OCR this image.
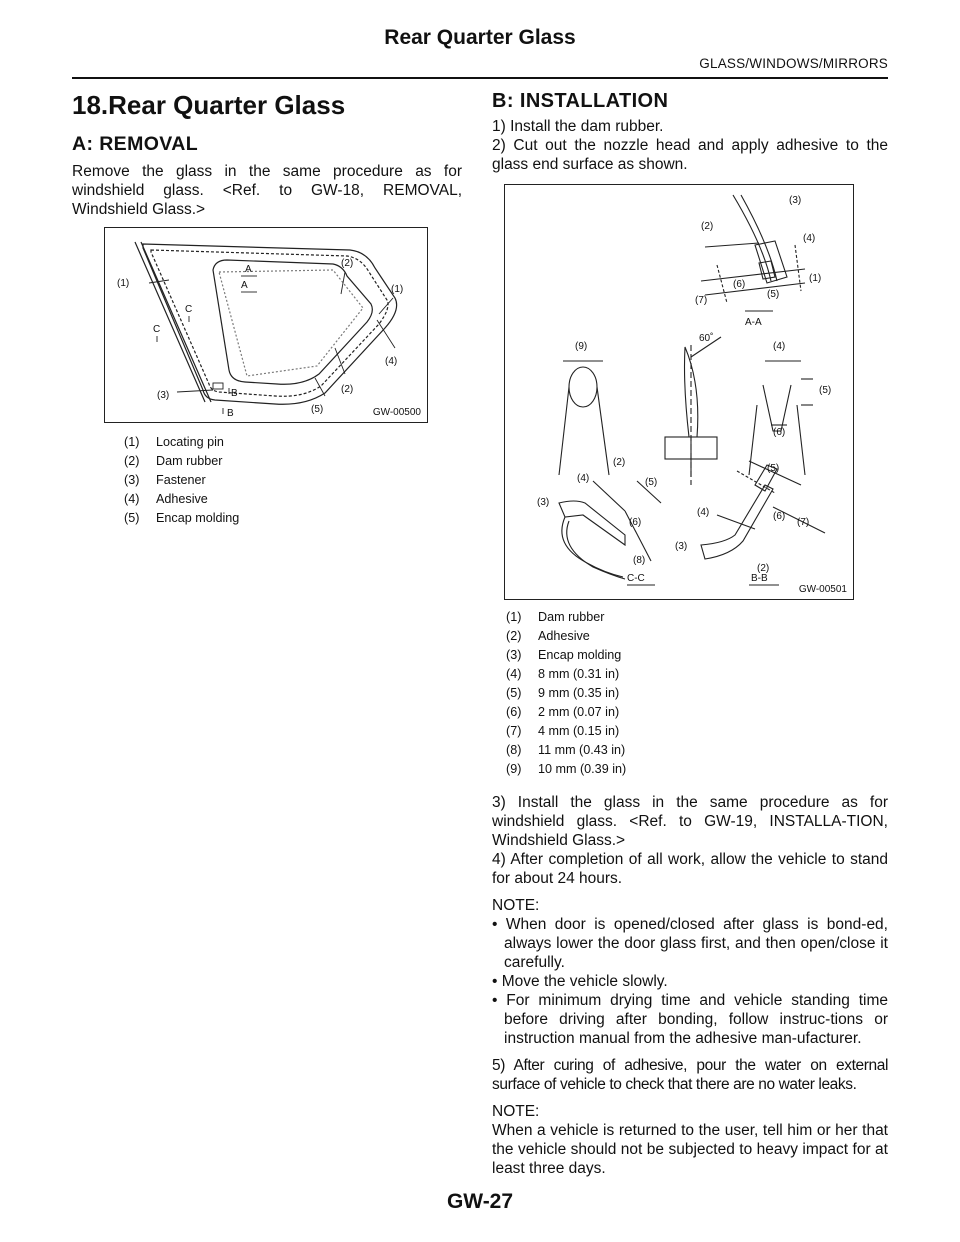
Rear Quarter Glass
GLASS/WINDOWS/MIRRORS
18.Rear Quarter Glass
A: REMOVAL

Remove the glass in the same procedure as for windshield glass. <Ref. to GW-18, REMOVAL, Windshield Glass.>

(1)
(2)
(1)
(4)
(2)
(5)
(3)
A
A
C
C
B
B	GW-00500
(1) Locating pin
(2) Dam rubber
(3) Fastener
(4) Adhesive
(5) Encap molding
B: INSTALLATION

1) Install the dam rubber.

2) Cut out the nozzle head and apply adhesive to the glass end surface as shown.

(3)
(2)
(4)
(6)
(1)
(7)
(5)
A-A
(9)
60˚
(4)
(5)
(6)
(2)
(4)	(5)
(3)
(6)
(8)
C-C
(5)
(4)	(6)
(7)
(3)
(2)
B-B
GW-00501
(1) Dam rubber
(2) Adhesive
(3) Encap molding
(4) 8 mm (0.31 in)
(5) 9 mm (0.35 in)
(6) 2 mm (0.07 in)
(7) 4 mm (0.15 in)
(8) 11 mm (0.43 in)
(9) 10 mm (0.39 in)

3) Install the glass in the same procedure as for windshield glass. <Ref. to GW-19, INSTALLA-TION, Windshield Glass.>

4) After completion of all work, allow the vehicle to stand for about 24 hours.

NOTE:
• When door is opened/closed after glass is bond-ed, always lower the door glass first, and then open/close it carefully.
• Move the vehicle slowly.
• For minimum drying time and vehicle standing time before driving after bonding, follow instruc-tions or instruction manual from the adhesive man-ufacturer.

5) After curing of adhesive, pour the water on external surface of vehicle to check that there are no water leaks.

NOTE:

When a vehicle is returned to the user, tell him or her that the vehicle should not be subjected to heavy impact for at least three days.

GW-27
